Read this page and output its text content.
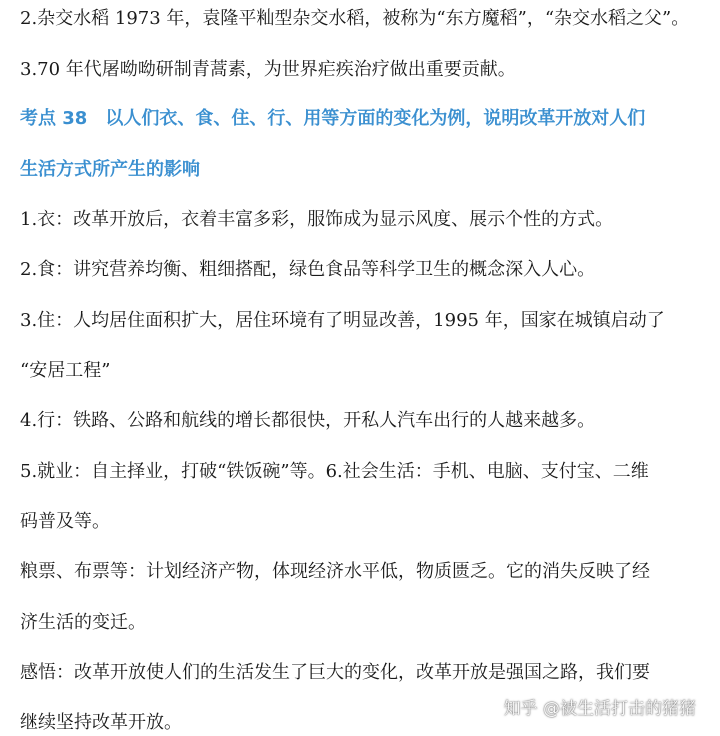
2.杂交水稻 1973 年，袁隆平籼型杂交水稻，被称为“东方魔稻”，“杂交水稻之父”。
3.70 年代屠呦呦研制青蒿素，为世界疟疾治疗做出重要贡献。
考点 38　以人们衣、食、住、行、用等方面的变化为例，说明改革开放对人们
生活方式所产生的影响
1.衣：改革开放后，衣着丰富多彩，服饰成为显示风度、展示个性的方式。
2.食：讲究营养均衡、粗细搭配，绿色食品等科学卫生的概念深入人心。
3.住：人均居住面积扩大，居住环境有了明显改善，1995 年，国家在城镇启动了
“安居工程”
4.行：铁路、公路和航线的增长都很快，开私人汽车出行的人越来越多。
5.就业：自主择业，打破“铁饭碗”等。6.社会生活：手机、电脑、支付宝、二维
码普及等。
粮票、布票等：计划经济产物，体现经济水平低，物质匮乏。它的消失反映了经
济生活的变迁。
感悟：改革开放使人们的生活发生了巨大的变化，改革开放是强国之路，我们要
继续坚持改革开放。
知乎 @被生活打击的猪猪
